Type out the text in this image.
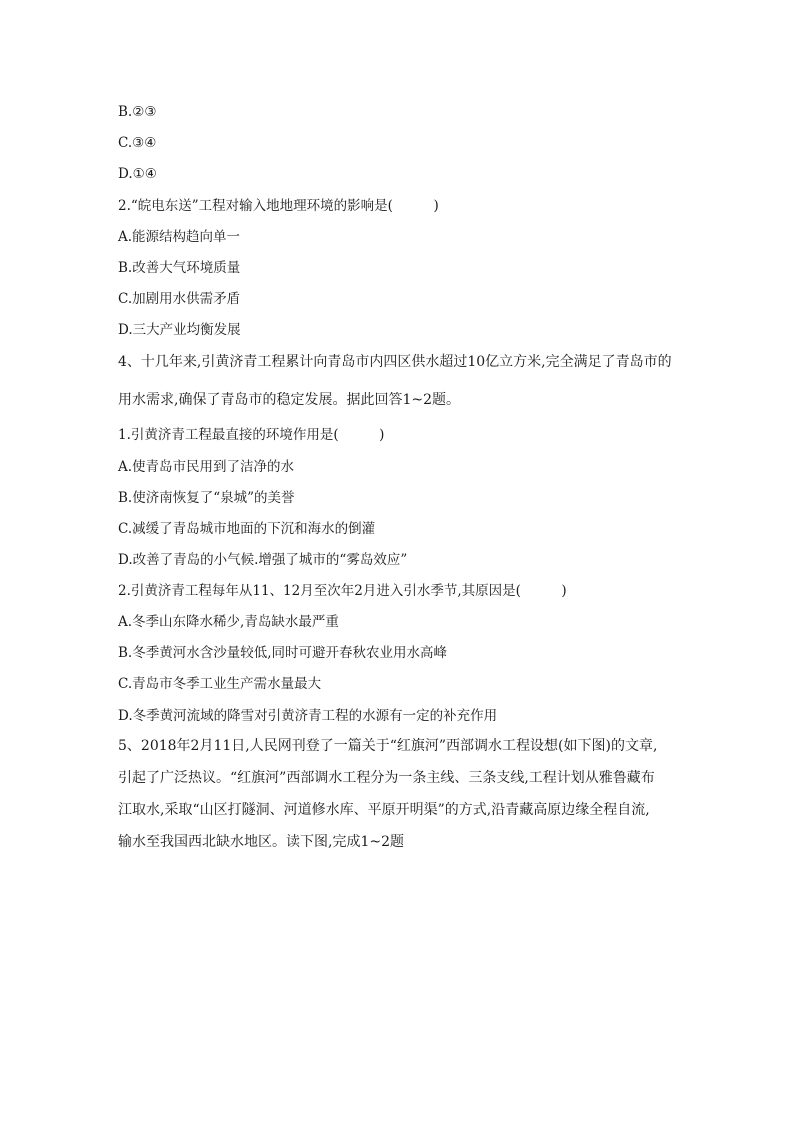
B.②③
C.③④
D.①④
2.“皖电东送”工程对输入地地理环境的影响是(　　　)
A.能源结构趋向单一
B.改善大气环境质量
C.加剧用水供需矛盾
D.三大产业均衡发展
4、十几年来,引黄济青工程累计向青岛市内四区供水超过10亿立方米,完全满足了青岛市的
用水需求,确保了青岛市的稳定发展。据此回答1~2题。
1.引黄济青工程最直接的环境作用是(　　　)
A.使青岛市民用到了洁净的水
B.使济南恢复了“泉城”的美誉
C.减缓了青岛城市地面的下沉和海水的倒灌
D.改善了青岛的小气候.增强了城市的“雾岛效应”
2.引黄济青工程每年从11、12月至次年2月进入引水季节,其原因是(　　　)
A.冬季山东降水稀少,青岛缺水最严重
B.冬季黄河水含沙量较低,同时可避开春秋农业用水高峰
C.青岛市冬季工业生产需水量最大
D.冬季黄河流域的降雪对引黄济青工程的水源有一定的补充作用
5、2018年2月11日,人民网刊登了一篇关于“红旗河”西部调水工程设想(如下图)的文章,
引起了广泛热议。“红旗河”西部调水工程分为一条主线、三条支线,工程计划从雅鲁藏布
江取水,采取“山区打隧洞、河道修水库、平原开明渠”的方式,沿青藏高原边缘全程自流,
输水至我国西北缺水地区。读下图,完成1~2题
